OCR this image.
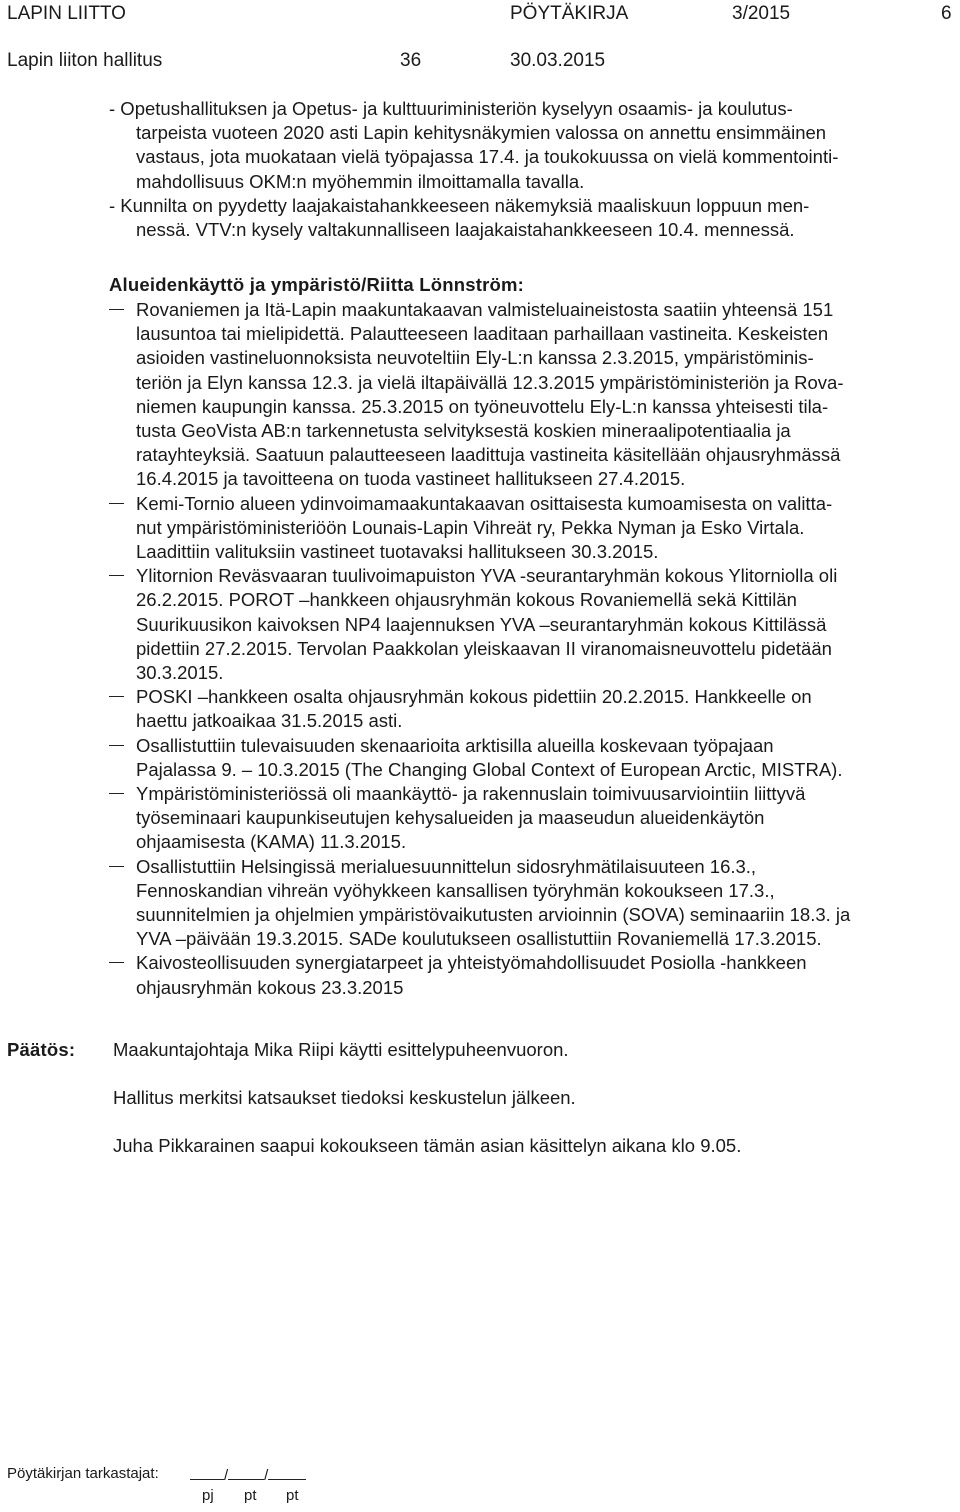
LAPIN LIITTO	PÖYTÄKIRJA	3/2015	6
Lapin liiton hallitus	36	30.03.2015
- Opetushallituksen ja Opetus- ja kulttuuriministeriön kyselyyn osaamis- ja koulutus-
tarpeista vuoteen 2020 asti Lapin kehitysnäkymien valossa on annettu ensimmäinen
vastaus, jota muokataan vielä työpajassa 17.4. ja toukokuussa on vielä kommentointi-
mahdollisuus OKM:n myöhemmin ilmoittamalla tavalla.
- Kunnilta on pyydetty laajakaistahankkeeseen näkemyksiä maaliskuun loppuun men-
nessä. VTV:n kysely valtakunnalliseen laajakaistahankkeeseen 10.4. mennessä.
Alueidenkäyttö ja ympäristö/Riitta Lönnström:
Rovaniemen ja Itä-Lapin maakuntakaavan valmisteluaineistosta saatiin yhteensä 151
lausuntoa tai mielipidettä. Palautteeseen laaditaan parhaillaan vastineita. Keskeisten
asioiden vastineluonnoksista neuvoteltiin Ely-L:n kanssa 2.3.2015, ympäristöminis-
teriön ja Elyn kanssa 12.3. ja vielä iltapäivällä 12.3.2015 ympäristöministeriön ja Rova-
niemen kaupungin kanssa. 25.3.2015 on työneuvottelu Ely-L:n kanssa yhteisesti tila-
tusta GeoVista AB:n tarkennetusta selvityksestä koskien mineraalipotentiaalia ja
ratayhteyksiä. Saatuun palautteeseen laadittuja vastineita käsitellään ohjausryhmässä
16.4.2015 ja tavoitteena on tuoda vastineet hallitukseen 27.4.2015.
Kemi-Tornio alueen ydinvoimamaakuntakaavan osittaisesta kumoamisesta on valitta-
nut ympäristöministeriöön Lounais-Lapin Vihreät ry, Pekka Nyman ja Esko Virtala.
Laadittiin valituksiin vastineet tuotavaksi hallitukseen 30.3.2015.
Ylitornion Reväsvaaran tuulivoimapuiston YVA -seurantaryhmän kokous Ylitorniolla oli
26.2.2015. POROT –hankkeen ohjausryhmän kokous Rovaniemellä sekä Kittilän
Suurikuusikon kaivoksen NP4 laajennuksen YVA –seurantaryhmän kokous Kittilässä
pidettiin 27.2.2015. Tervolan Paakkolan yleiskaavan II viranomaisneuvottelu pidetään
30.3.2015.
POSKI –hankkeen osalta ohjausryhmän kokous pidettiin 20.2.2015. Hankkeelle on
haettu jatkoaikaa 31.5.2015 asti.
Osallistuttiin tulevaisuuden skenaarioita arktisilla alueilla koskevaan työpajaan
Pajalassa 9. – 10.3.2015 (The Changing Global Context of European Arctic, MISTRA).
Ympäristöministeriössä oli maankäyttö- ja rakennuslain toimivuusarviointiin liittyvä
työseminaari kaupunkiseutujen kehysalueiden ja maaseudun alueidenkäytön
ohjaamisesta (KAMA) 11.3.2015.
Osallistuttiin Helsingissä merialuesuunnittelun sidosryhmätilaisuuteen 16.3.,
Fennoskandian vihreän vyöhykkeen kansallisen työryhmän kokoukseen 17.3.,
suunnitelmien ja ohjelmien ympäristövaikutusten arvioinnin (SOVA) seminaariin 18.3. ja
YVA –päivään 19.3.2015. SADe koulutukseen osallistuttiin Rovaniemellä 17.3.2015.
Kaivosteollisuuden synergiatarpeet ja yhteistyömahdollisuudet Posiolla -hankkeen
ohjausryhmän kokous 23.3.2015
Päätös: Maakuntajohtaja Mika Riipi käytti esittelypuheenvuoron.
Hallitus merkitsi katsaukset tiedoksi keskustelun jälkeen.
Juha Pikkarainen saapui kokoukseen tämän asian käsittelyn aikana klo 9.05.
Pöytäkirjan tarkastajat:	/ /
pj pt pt
